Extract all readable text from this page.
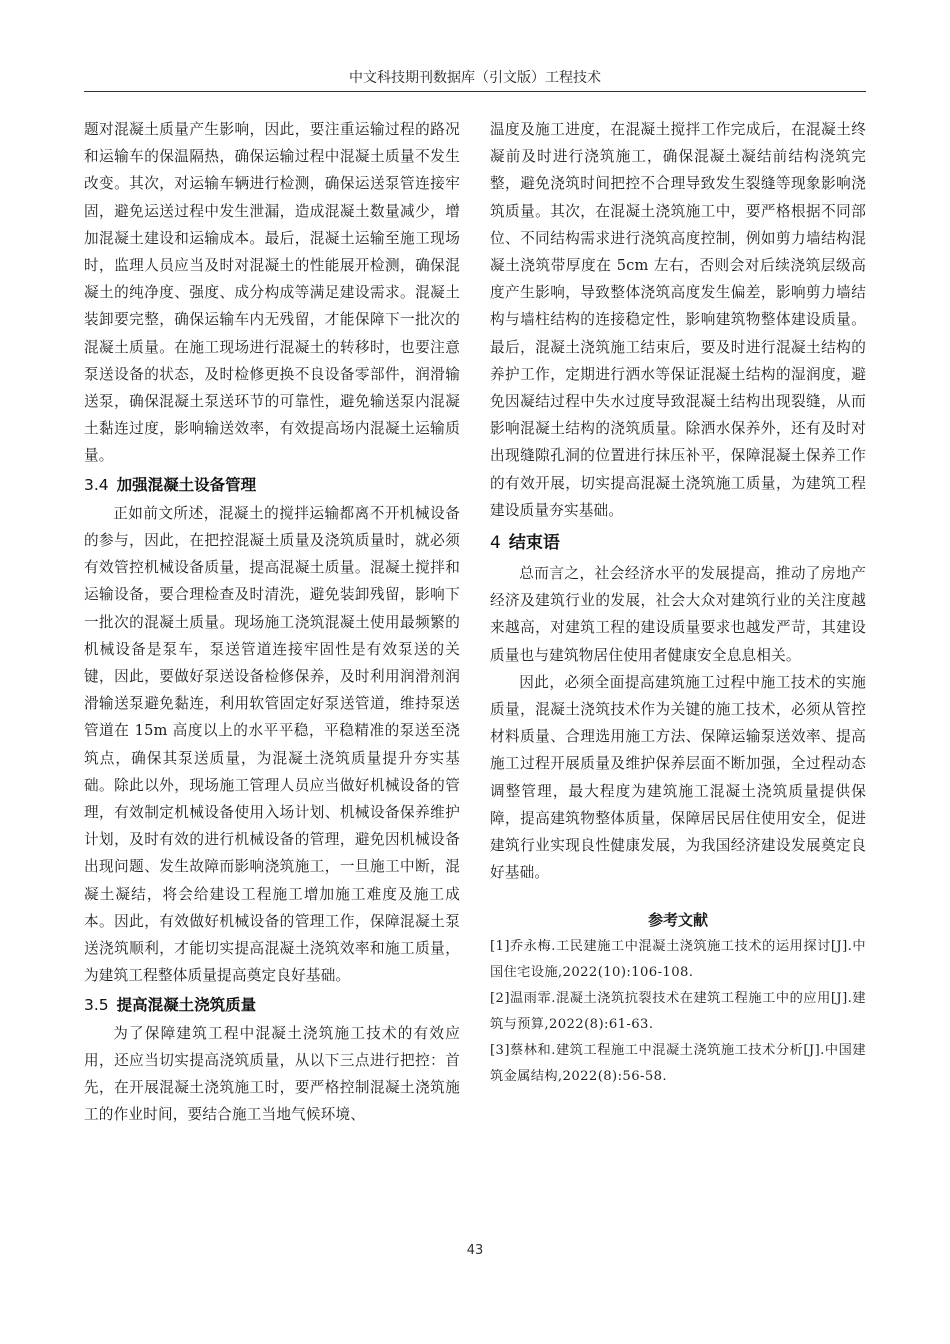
中文科技期刊数据库（引文版）工程技术

题对混凝土质量产生影响，因此，要注重运输过程的路况和运输车的保温隔热，确保运输过程中混凝土质量不发生改变。其次，对运输车辆进行检测，确保运送泵管连接牢固，避免运送过程中发生泄漏，造成混凝土数量减少，增加混凝土建设和运输成本。最后，混凝土运输至施工现场时，监理人员应当及时对混凝土的性能展开检测，确保混凝土的纯净度、强度、成分构成等满足建设需求。混凝土装卸要完整，确保运输车内无残留，才能保障下一批次的混凝土质量。在施工现场进行混凝土的转移时，也要注意泵送设备的状态，及时检修更换不良设备零部件，润滑输送泵，确保混凝土泵送环节的可靠性，避免输送泵内混凝土黏连过度，影响输送效率，有效提高场内混凝土运输质量。

3.4 加强混凝土设备管理

正如前文所述，混凝土的搅拌运输都离不开机械设备的参与，因此，在把控混凝土质量及浇筑质量时，就必须有效管控机械设备质量，提高混凝土质量。混凝土搅拌和运输设备，要合理检查及时清洗，避免装卸残留，影响下一批次的混凝土质量。现场施工浇筑混凝土使用最频繁的机械设备是泵车，泵送管道连接牢固性是有效泵送的关键，因此，要做好泵送设备检修保养，及时利用润滑剂润滑输送泵避免黏连，利用软管固定好泵送管道，维持泵送管道在 15m 高度以上的水平平稳，平稳精准的泵送至浇筑点，确保其泵送质量，为混凝土浇筑质量提升夯实基础。除此以外，现场施工管理人员应当做好机械设备的管理，有效制定机械设备使用入场计划、机械设备保养维护计划，及时有效的进行机械设备的管理，避免因机械设备出现问题、发生故障而影响浇筑施工，一旦施工中断，混凝土凝结，将会给建设工程施工增加施工难度及施工成本。因此，有效做好机械设备的管理工作，保障混凝土泵送浇筑顺利，才能切实提高混凝土浇筑效率和施工质量，为建筑工程整体质量提高奠定良好基础。

3.5 提高混凝土浇筑质量

为了保障建筑工程中混凝土浇筑施工技术的有效应用，还应当切实提高浇筑质量，从以下三点进行把控：首先，在开展混凝土浇筑施工时，要严格控制混凝土浇筑施工的作业时间，要结合施工当地气候环境、

温度及施工进度，在混凝土搅拌工作完成后，在混凝土终凝前及时进行浇筑施工，确保混凝土凝结前结构浇筑完整，避免浇筑时间把控不合理导致发生裂缝等现象影响浇筑质量。其次，在混凝土浇筑施工中，要严格根据不同部位、不同结构需求进行浇筑高度控制，例如剪力墙结构混凝土浇筑带厚度在 5cm 左右，否则会对后续浇筑层级高度产生影响，导致整体浇筑高度发生偏差，影响剪力墙结构与墙柱结构的连接稳定性，影响建筑物整体建设质量。最后，混凝土浇筑施工结束后，要及时进行混凝土结构的养护工作，定期进行洒水等保证混凝土结构的湿润度，避免因凝结过程中失水过度导致混凝土结构出现裂缝，从而影响混凝土结构的浇筑质量。除洒水保养外，还有及时对出现缝隙孔洞的位置进行抹压补平，保障混凝土保养工作的有效开展，切实提高混凝土浇筑施工质量，为建筑工程建设质量夯实基础。

4 结束语

总而言之，社会经济水平的发展提高，推动了房地产经济及建筑行业的发展，社会大众对建筑行业的关注度越来越高，对建筑工程的建设质量要求也越发严苛，其建设质量也与建筑物居住使用者健康安全息息相关。

因此，必须全面提高建筑施工过程中施工技术的实施质量，混凝土浇筑技术作为关键的施工技术，必须从管控材料质量、合理选用施工方法、保障运输泵送效率、提高施工过程开展质量及维护保养层面不断加强，全过程动态调整管理，最大程度为建筑施工混凝土浇筑质量提供保障，提高建筑物整体质量，保障居民居住使用安全，促进建筑行业实现良性健康发展，为我国经济建设发展奠定良好基础。

参考文献

[1]乔永梅.工民建施工中混凝土浇筑施工技术的运用探讨[J].中国住宅设施,2022(10):106-108.

[2]温雨霏.混凝土浇筑抗裂技术在建筑工程施工中的应用[J].建筑与预算,2022(8):61-63.

[3]蔡林和.建筑工程施工中混凝土浇筑施工技术分析[J].中国建筑金属结构,2022(8):56-58.

43
